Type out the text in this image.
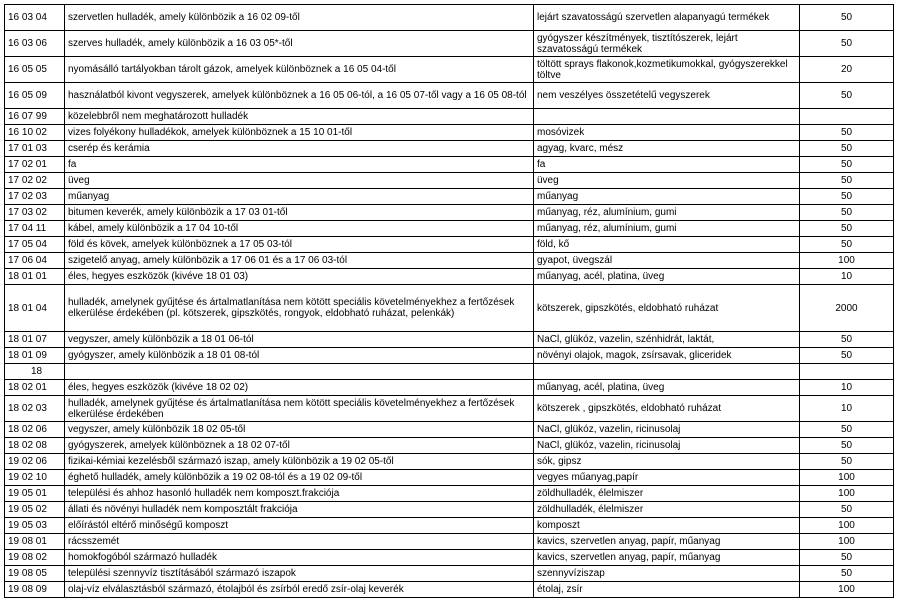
16 03 04	szervetlen hulladék, amely különbözik a 16 02 09-től	lejárt szavatosságú szervetlen alapanyagú termékek	50
16 03 06	szerves hulladék, amely különbözik a 16 03 05*-től	gyógyszer készítmények, tisztítószerek, lejárt szavatosságú termékek	50
16 05 05	nyomásálló tartályokban tárolt gázok, amelyek különböznek a 16 05 04-től	töltött sprays flakonok,kozmetikumokkal, gyógyszerekkel töltve	20
16 05 09	használatból kivont vegyszerek, amelyek különböznek a 16 05 06-tól, a 16 05 07-től vagy a 16 05 08-tól	nem veszélyes összetételű vegyszerek	50
16 07 99	közelebbről nem meghatározott hulladék		
16 10 02	vizes folyékony hulladékok, amelyek különböznek a 15 10 01-től	mosóvizek	50
17 01 03	cserép és kerámia	agyag, kvarc, mész	50
17 02 01	fa	fa	50
17 02 02	üveg	üveg	50
17 02 03	műanyag	műanyag	50
17 03 02	bitumen keverék, amely különbözik a 17 03 01-től	műanyag, réz, alumínium, gumi	50
17 04 11	kábel, amely különbözik a 17 04 10-től	műanyag, réz, alumínium, gumi	50
17 05 04	föld és kövek, amelyek különböznek a 17 05 03-tól	föld, kő	50
17 06 04	szigetelő anyag, amely különbözik a 17 06 01 és a 17 06 03-tól	gyapot, üvegszál	100
18 01 01	éles, hegyes eszközök (kivéve 18 01 03)	műanyag, acél, platina, üveg	10
18 01 04	hulladék, amelynek gyűjtése és ártalmatlanítása nem kötött speciális követelményekhez a fertőzések elkerülése érdekében (pl. kötszerek, gipszkötés, rongyok, eldobható ruházat, pelenkák)	kötszerek, gipszkötés, eldobható ruházat	2000
18 01 07	vegyszer, amely különbözik a 18 01 06-tól	NaCl, glükóz, vazelin, szénhidrát, laktát,	50
18 01 09	gyógyszer, amely különbözik a 18 01 08-tól	növényi olajok, magok, zsírsavak, gliceridek	50
18			
18 02 01	éles, hegyes eszközök (kivéve 18 02 02)	műanyag, acél, platina, üveg	10
18 02 03	hulladék, amelynek gyűjtése és ártalmatlanítása nem kötött speciális követelményekhez a fertőzések elkerülése érdekében	kötszerek , gipszkötés, eldobható ruházat	10
18 02 06	vegyszer, amely különbözik 18 02 05-től	NaCl, glükóz, vazelin, ricinusolaj	50
18 02 08	gyógyszerek, amelyek különböznek a 18 02 07-től	NaCl, glükóz, vazelin, ricinusolaj	50
19 02 06	fizikai-kémiai kezelésből származó iszap, amely különbözik a 19 02 05-től	sók, gipsz	50
19 02 10	éghető hulladék, amely különbözik a 19 02 08-tól és a 19 02 09-től	vegyes műanyag,papír	100
19 05 01	települési és ahhoz hasonló hulladék nem komposzt.frakciója	zöldhulladék, élelmiszer	100
19 05 02	állati és növényi hulladék nem komposztált frakciója	zöldhulladék, élelmiszer	50
19 05 03	előírástól eltérő minőségű komposzt	komposzt	100
19 08 01	rácsszemét	kavics, szervetlen anyag, papír, műanyag	100
19 08 02	homokfogóból származó hulladék	kavics, szervetlen anyag, papír, műanyag	50
19 08 05	települési szennyvíz tisztításából származó iszapok	szennyvíziszap	50
19 08 09	olaj-víz elválasztásból származó, étolajból és zsírból eredő zsír-olaj keverék	étolaj, zsír	100
